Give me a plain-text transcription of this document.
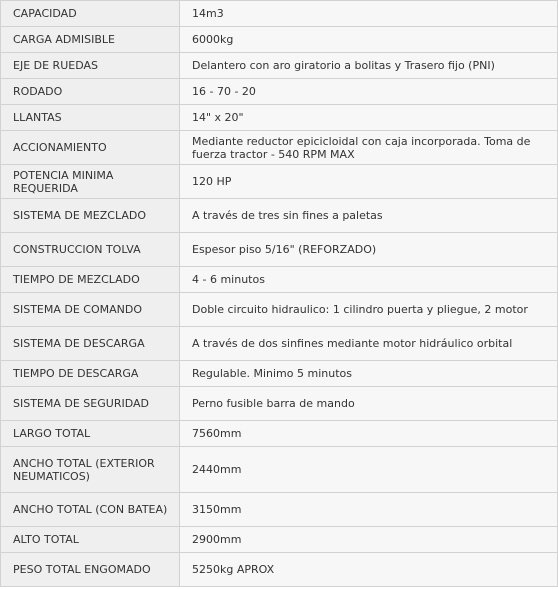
CAPACIDAD	14m3
CARGA ADMISIBLE	6000kg
EJE DE RUEDAS	Delantero con aro giratorio a bolitas y Trasero fijo (PNI)
RODADO	16 - 70 - 20
LLANTAS	14" x 20"
ACCIONAMIENTO	Mediante reductor epicicloidal con caja incorporada. Toma de fuerza tractor - 540 RPM MAX
POTENCIA MINIMA REQUERIDA	120 HP
SISTEMA DE MEZCLADO	A través de tres sin fines a paletas
CONSTRUCCION TOLVA	Espesor piso 5/16" (REFORZADO)
TIEMPO DE MEZCLADO	4 - 6 minutos
SISTEMA DE COMANDO	Doble circuito hidraulico: 1 cilindro puerta y pliegue, 2 motor
SISTEMA DE DESCARGA	A través de dos sinfines mediante motor hidráulico orbital
TIEMPO DE DESCARGA	Regulable. Minimo 5 minutos
SISTEMA DE SEGURIDAD	Perno fusible barra de mando
LARGO TOTAL	7560mm
ANCHO TOTAL (EXTERIOR NEUMATICOS)	2440mm
ANCHO TOTAL (CON BATEA)	3150mm
ALTO TOTAL	2900mm
PESO TOTAL ENGOMADO	5250kg APROX
